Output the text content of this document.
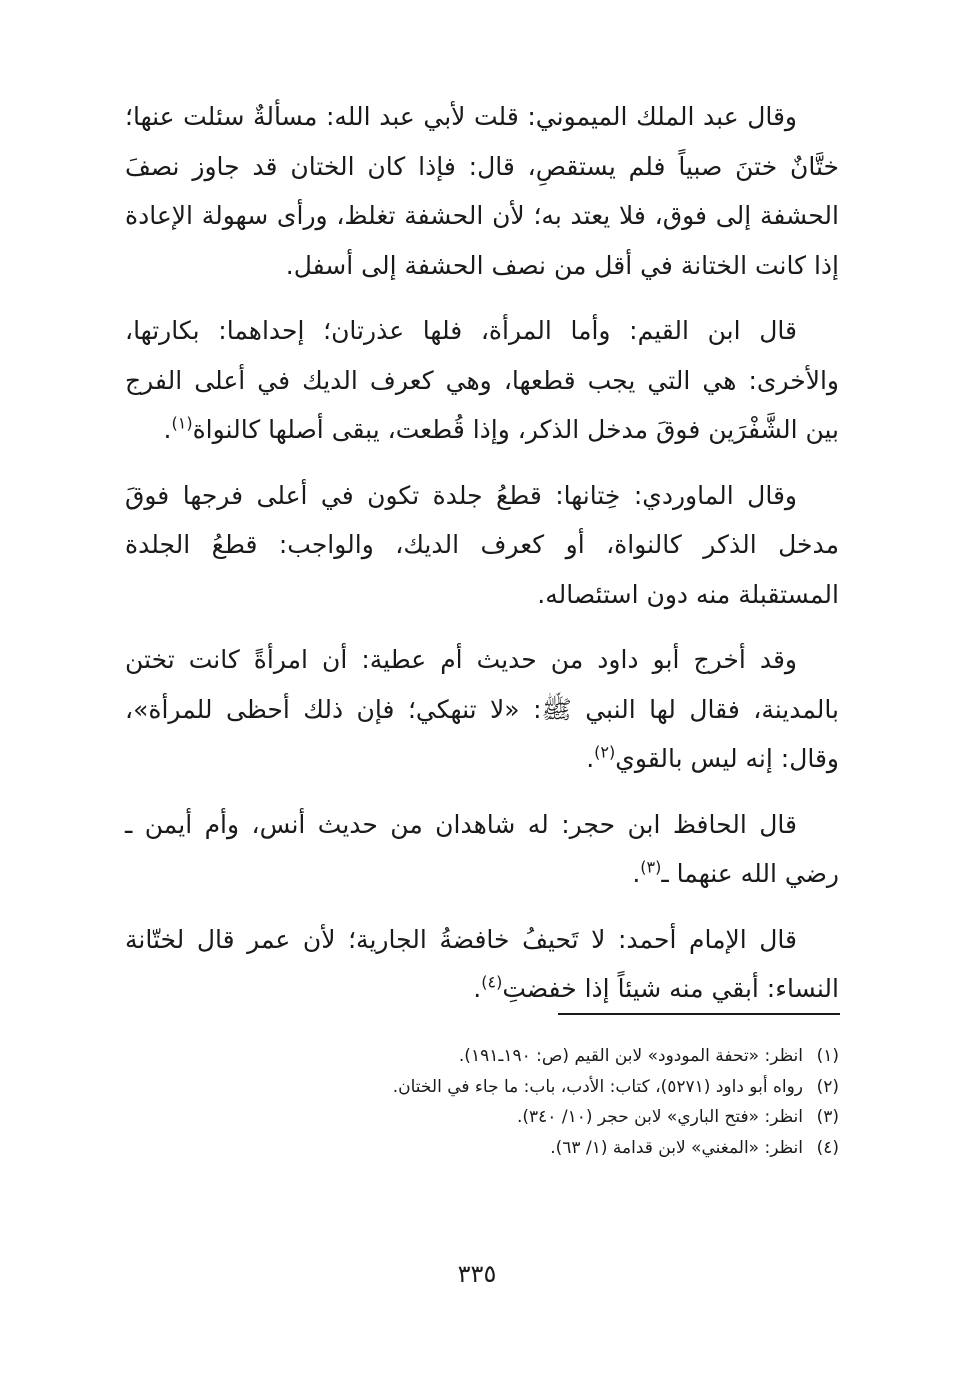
وقال عبد الملك الميموني: قلت لأبي عبد الله: مسألةٌ سئلت عنها؛ ختَّانٌ ختنَ صبياً فلم يستقصِ، قال: فإذا كان الختان قد جاوز نصفَ الحشفة إلى فوق، فلا يعتد به؛ لأن الحشفة تغلظ، ورأى سهولة الإعادة إذا كانت الختانة في أقل من نصف الحشفة إلى أسفل.

قال ابن القيم: وأما المرأة، فلها عذرتان؛ إحداهما: بكارتها، والأخرى: هي التي يجب قطعها، وهي كعرف الديك في أعلى الفرج بين الشَّفْرَين فوقَ مدخل الذكر، وإذا قُطعت، يبقى أصلها كالنواة$^{(١)}$.

وقال الماوردي: خِتانها: قطعُ جلدة تكون في أعلى فرجها فوقَ مدخل الذكر كالنواة، أو كعرف الديك، والواجب: قطعُ الجلدة المستقبلة منه دون استئصاله.

وقد أخرج أبو داود من حديث أم عطية: أن امرأةً كانت تختن بالمدينة، فقال لها النبي ﷺ: «لا تنهكي؛ فإن ذلك أحظى للمرأة»، وقال: إنه ليس بالقوي$^{(٢)}$.

قال الحافظ ابن حجر: له شاهدان من حديث أنس، وأم أيمن ـ رضي الله عنهما ـ$^{(٣)}$.

قال الإمام أحمد: لا تَحيفُ خافضةُ الجارية؛ لأن عمر قال لختّانة النساء: أبقي منه شيئاً إذا خفضتِ$^{(٤)}$.

(١)انظر: «تحفة المودود» لابن القيم (ص: ١٩٠ـ١٩١).

(٢)رواه أبو داود (٥٢٧١)، كتاب: الأدب، باب: ما جاء في الختان.

(٣)انظر: «فتح الباري» لابن حجر (١٠/ ٣٤٠).

(٤)انظر: «المغني» لابن قدامة (١/ ٦٣).

٣٣٥
